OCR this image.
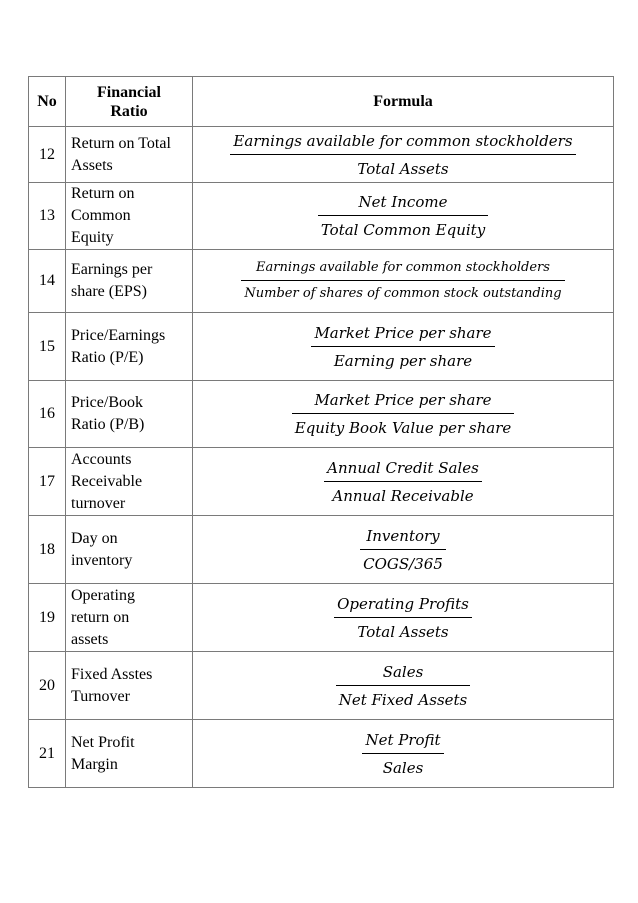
No	Financial Ratio	Formula
12	Return on Total Assets	$\frac{\text{Earnings available for common stockholders}}{\text{Total Assets}}$

13	Return on Common Equity	$\frac{\text{Net Income}}{\text{Total Common Equity}}$

14	Earnings per share (EPS)	$\frac{\text{Earnings available for common stockholders}}{\text{Number of shares of common stock outstanding}}$

15	Price/Earnings Ratio (P/E)	$\frac{\text{Market Price per share}}{\text{Earning per share}}$

16	Price/Book Ratio (P/B)	$\frac{\text{Market Price per share}}{\text{Equity Book Value per share}}$

17	Accounts Receivable turnover	$\frac{\text{Annual Credit Sales}}{\text{Annual Receivable}}$

18	Day on inventory	$\frac{\text{Inventory}}{\text{COGS/365}}$

19	Operating return on assets	$\frac{\text{Operating Profits}}{\text{Total Assets}}$

20	Fixed Asstes Turnover	$\frac{\text{Sales}}{\text{Net Fixed Assets}}$

21	Net Profit Margin	$\frac{\text{Net Profit}}{\text{Sales}}$
